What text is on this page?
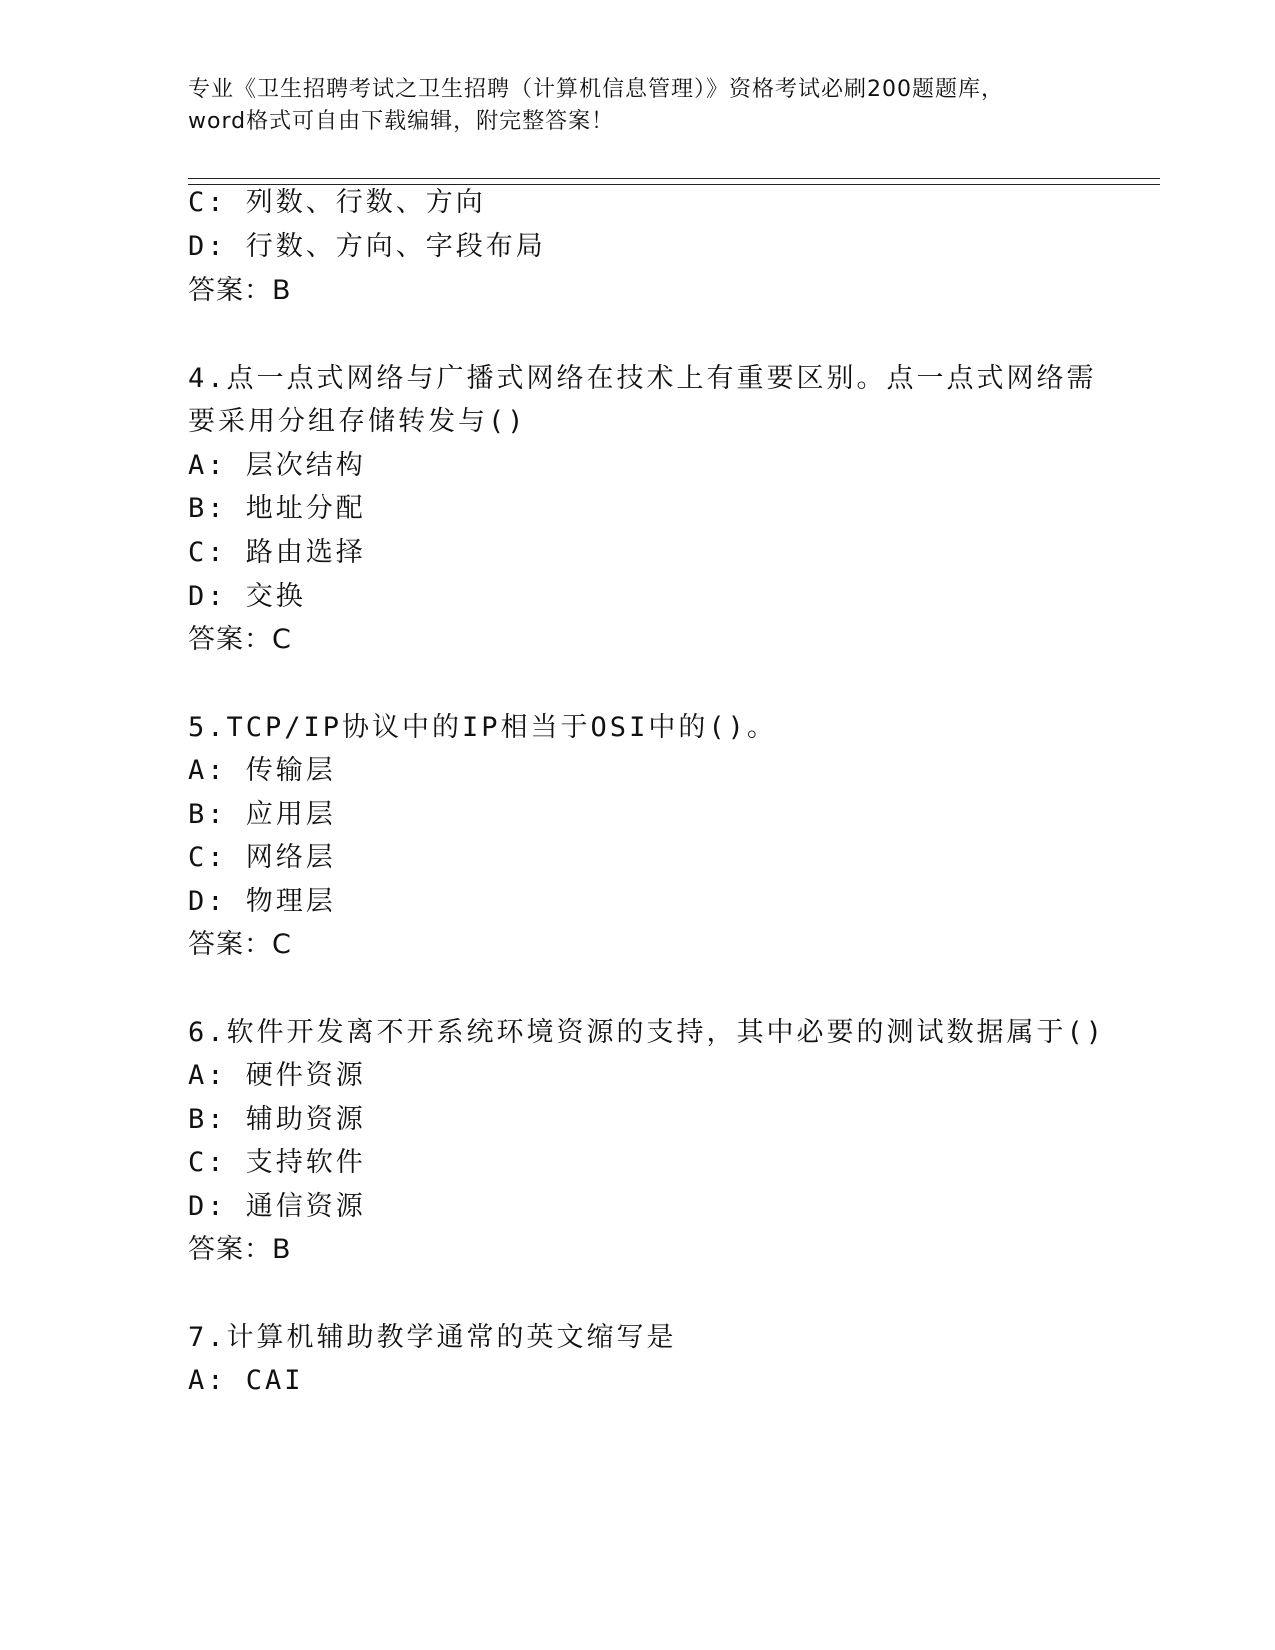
专业《卫生招聘考试之卫生招聘（计算机信息管理）》资格考试必刷200题题库，
word格式可自由下载编辑，附完整答案！
C: 列数、行数、方向
D: 行数、方向、字段布局
答案：B
4.点一点式网络与广播式网络在技术上有重要区别。点一点式网络需
要采用分组存储转发与()
A: 层次结构
B: 地址分配
C: 路由选择
D: 交换
答案：C
5.TCP/IP协议中的IP相当于OSI中的()。
A: 传输层
B: 应用层
C: 网络层
D: 物理层
答案：C
6.软件开发离不开系统环境资源的支持，其中必要的测试数据属于()
A: 硬件资源
B: 辅助资源
C: 支持软件
D: 通信资源
答案：B
7.计算机辅助教学通常的英文缩写是
A: CAI
